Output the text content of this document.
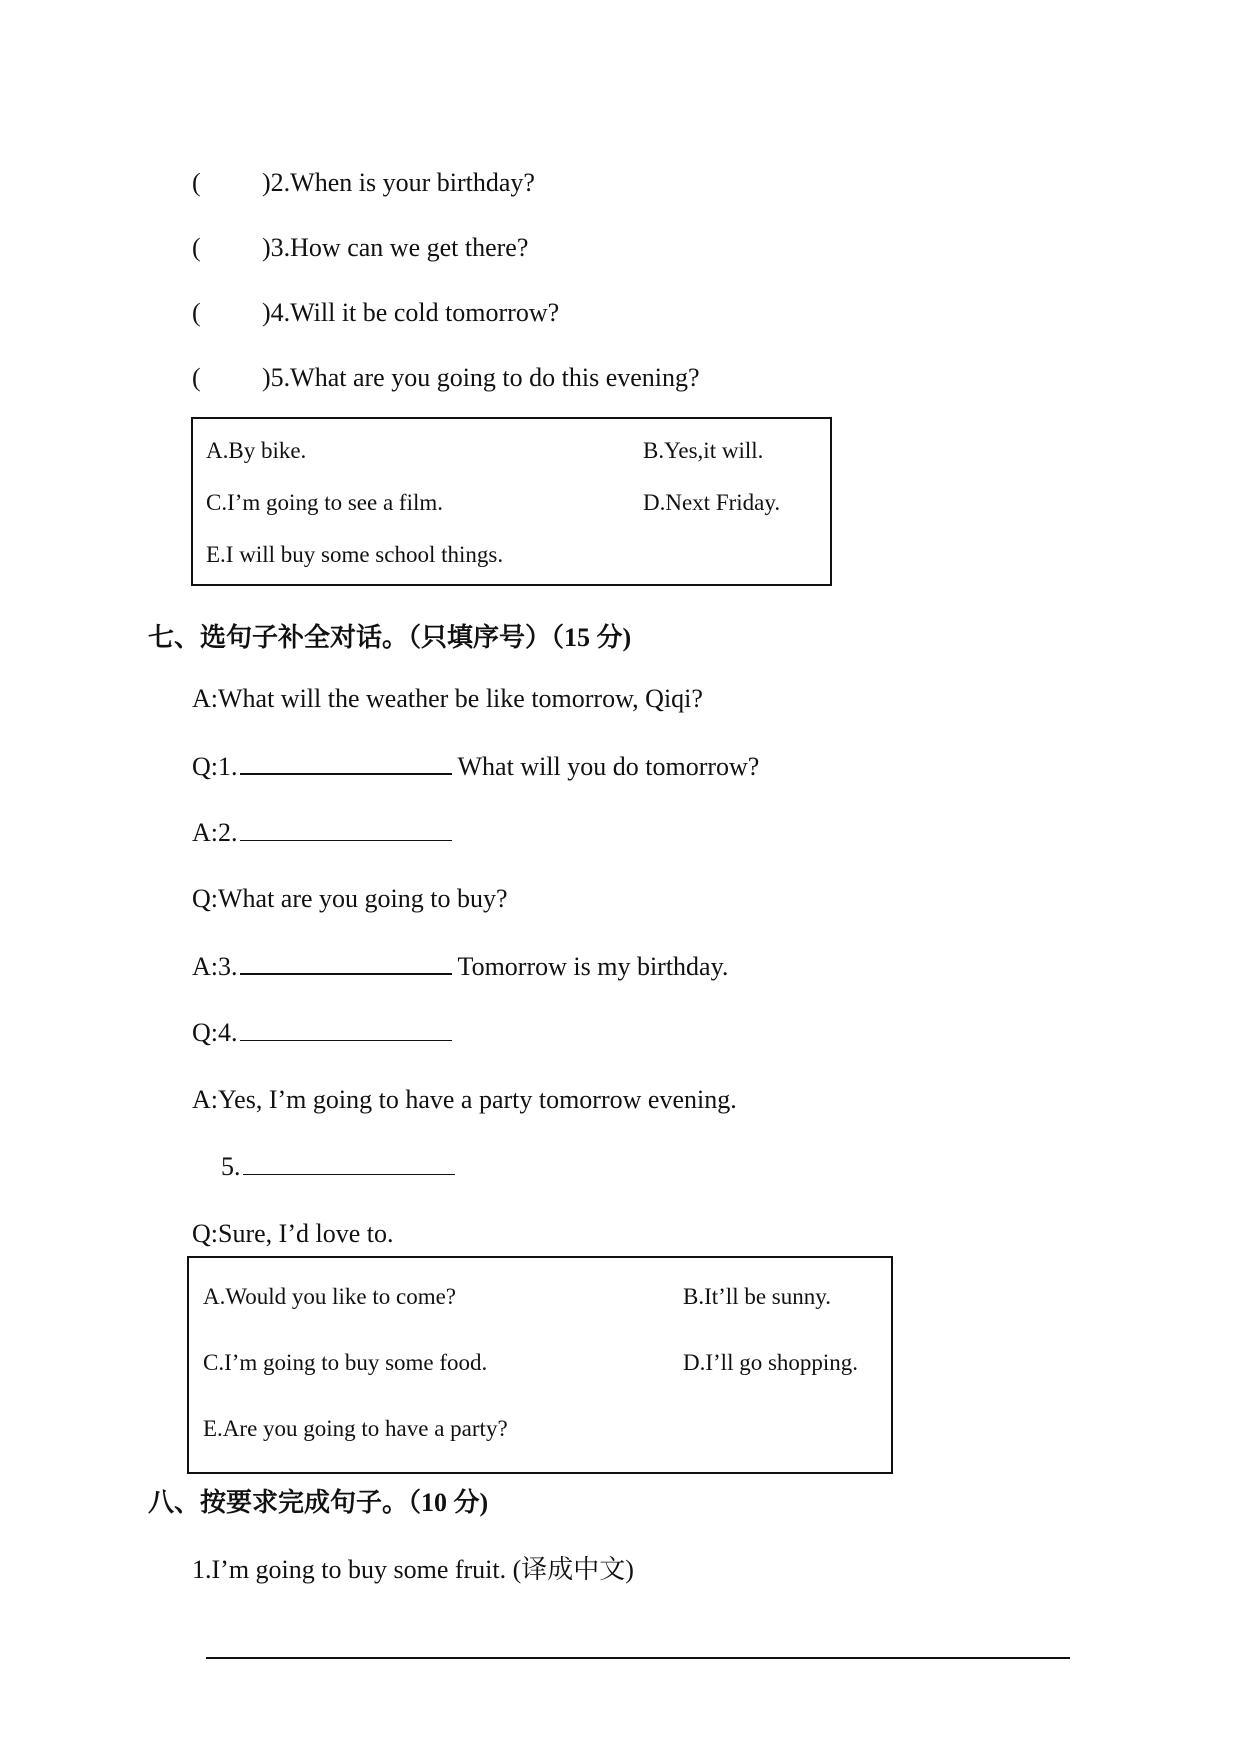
( )2.When is your birthday?
( )3.How can we get there?
( )4.Will it be cold tomorrow?
( )5.What are you going to do this evening?
A.By bike.	B.Yes,it will.
C.I’m going to see a film.	D.Next Friday.
E.I will buy some school things.
七、选句子补全对话。（只填序号）（15 分)
A:What will the weather be like tomorrow, Qiqi?
Q:1.	What will you do tomorrow?
A:2.
Q:What are you going to buy?
A:3.	Tomorrow is my birthday.
Q:4.
A:Yes, I’m going to have a party tomorrow evening.
5.
Q:Sure, I’d love to.
A.Would you like to come?	B.It’ll be sunny.
C.I’m going to buy some food.	D.I’ll go shopping.
E.Are you going to have a party?
八、按要求完成句子。（10 分)
1.I’m going to buy some fruit. (译成中文)
